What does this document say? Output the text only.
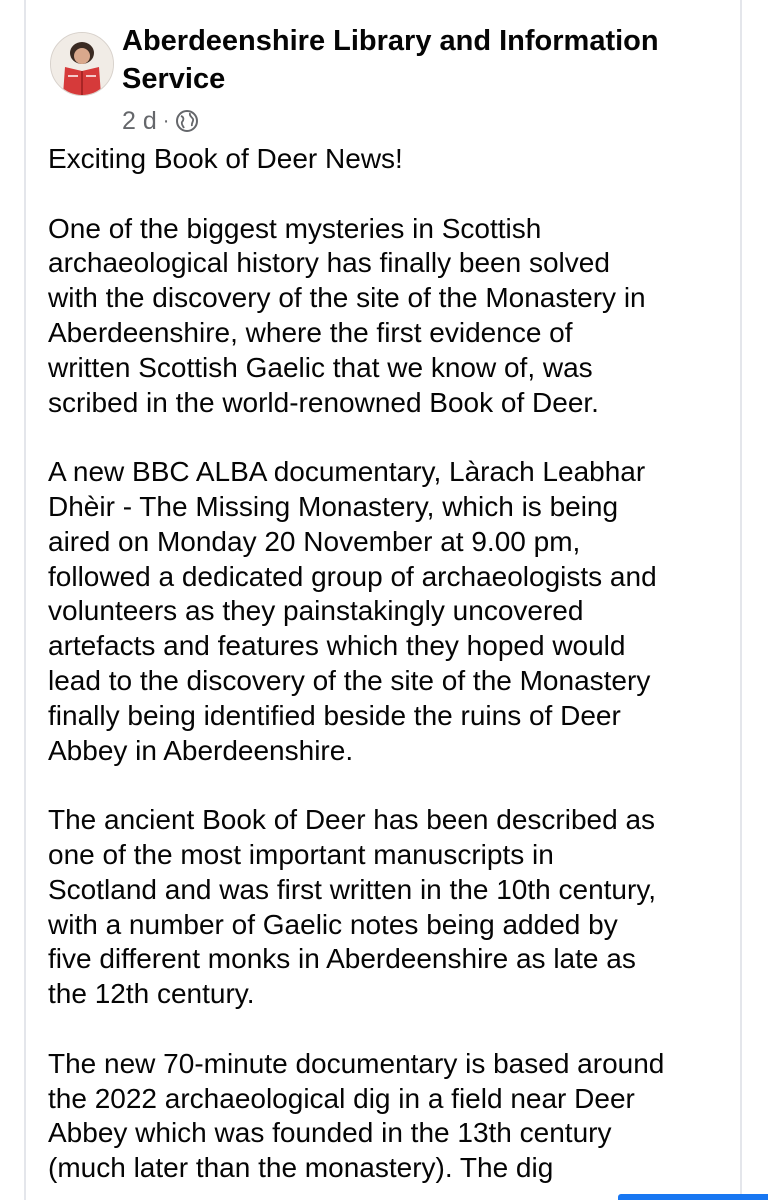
Aberdeenshire Library and Information
Service
2 d ·

Exciting Book of Deer News!

One of the biggest mysteries in Scottish
archaeological history has finally been solved
with the discovery of the site of the Monastery in
Aberdeenshire, where the first evidence of
written Scottish Gaelic that we know of, was
scribed in the world-renowned Book of Deer.

A new BBC ALBA documentary, Làrach Leabhar
Dhèir - The Missing Monastery, which is being
aired on Monday 20 November at 9.00 pm,
followed a dedicated group of archaeologists and
volunteers as they painstakingly uncovered
artefacts and features which they hoped would
lead to the discovery of the site of the Monastery
finally being identified beside the ruins of Deer
Abbey in Aberdeenshire.

The ancient Book of Deer has been described as
one of the most important manuscripts in
Scotland and was first written in the 10th century,
with a number of Gaelic notes being added by
five different monks in Aberdeenshire as late as
the 12th century.

The new 70-minute documentary is based around
the 2022 archaeological dig in a field near Deer
Abbey which was founded in the 13th century
(much later than the monastery). The dig
